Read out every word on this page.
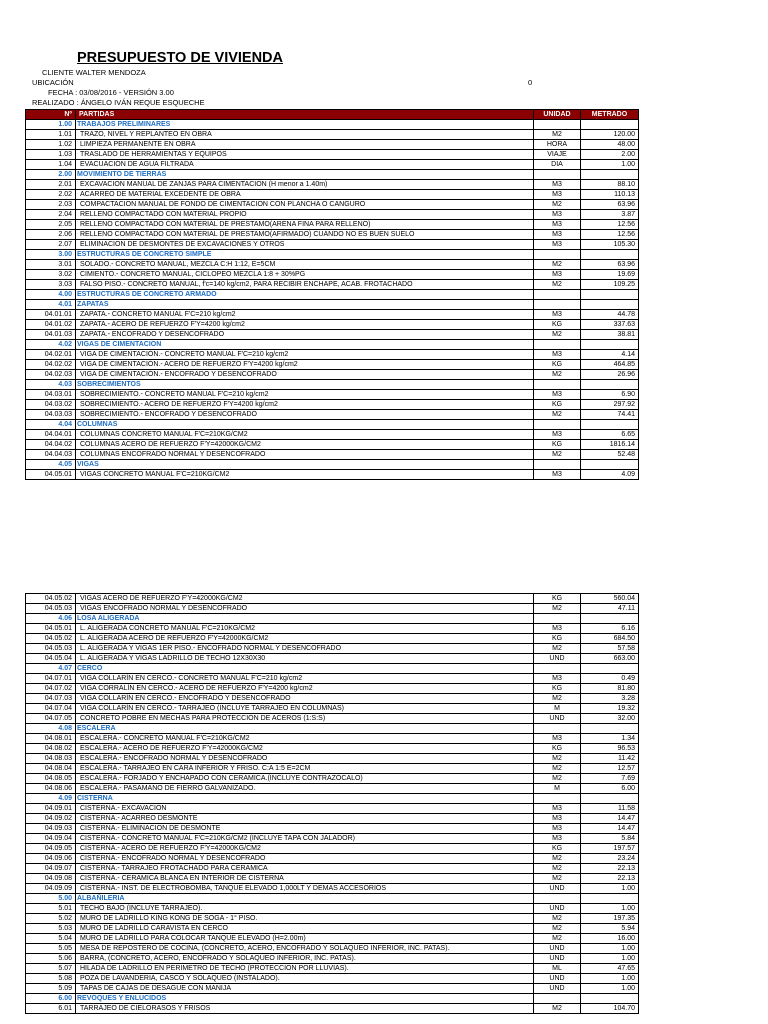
PRESUPUESTO DE VIVIENDA
CLIENTE WALTER MENDOZA
UBICACIÓN	0
FECHA : 03/08/2016 - VERSIÓN 3.00
REALIZADO : ÁNGELO IVÁN REQUE ESQUECHE
Nº	PARTIDAS	UNIDAD	METRADO
1.00	TRABAJOS PRELIMINARES		
1.01	TRAZO, NIVEL Y REPLANTEO EN OBRA	M2	120.00
1.02	LIMPIEZA PERMANENTE EN OBRA	HORA	48.00
1.03	TRASLADO DE HERRAMIENTAS Y EQUIPOS	VIAJE	2.00
1.04	EVACUACIÓN DE AGUA FILTRADA	DIA	1.00
2.00	MOVIMIENTO DE TIERRAS		
2.01	EXCAVACION MANUAL DE ZANJAS PARA CIMENTACION (H menor a 1.40m)	M3	88.10
2.02	ACARREO DE MATERIAL EXCEDENTE DE OBRA	M3	110.13
2.03	COMPACTACION MANUAL DE FONDO DE CIMENTACION CON PLANCHA O CANGURO	M2	63.96
2.04	RELLENO COMPACTADO CON MATERIAL PROPIO	M3	3.87
2.05	RELLENO COMPACTADO CON MATERIAL DE PRESTAMO(ARENA FINA PARA RELLENO)	M3	12.56
2.06	RELLENO COMPACTADO CON MATERIAL DE PRESTAMO(AFIRMADO) CUANDO NO ES BUEN SUELO	M3	12.56
2.07	ELIMINACION DE DESMONTES DE EXCAVACIONES Y OTROS	M3	105.30
3.00	ESTRUCTURAS DE CONCRETO SIMPLE		
3.01	SOLADO.- CONCRETO MANUAL, MEZCLA C:H 1:12, E=5CM	M2	63.96
3.02	CIMIENTO.- CONCRETO MANUAL, CICLOPEO MEZCLA 1:8 + 30%PG	M3	19.69
3.03	FALSO PISO.- CONCRETO MANUAL, f'c=140 kg/cm2, PARA RECIBIR ENCHAPE, ACAB. FROTACHADO	M2	109.25
4.00	ESTRUCTURAS DE CONCRETO ARMADO		
4.01	ZAPATAS		
04.01.01	ZAPATA.- CONCRETO MANUAL F'C=210 kg/cm2	M3	44.78
04.01.02	ZAPATA.- ACERO DE REFUERZO F'Y=4200 kg/cm2	KG	337.63
04.01.03	ZAPATA.- ENCOFRADO Y DESENCOFRADO	M2	38.81
4.02	VIGAS DE CIMENTACION		
04.02.01	VIGA DE CIMENTACIÓN.- CONCRETO MANUAL F'C=210 kg/cm2	M3	4.14
04.02.02	VIGA DE CIMENTACIÓN.- ACERO DE REFUERZO F'Y=4200 kg/cm2	KG	464.85
04.02.03	VIGA DE CIMENTACIÓN.- ENCOFRADO Y DESENCOFRADO	M2	26.96
4.03	SOBRECIMIENTOS		
04.03.01	SOBRECIMIENTO.- CONCRETO MANUAL F'C=210 kg/cm2	M3	6.90
04.03.02	SOBRECIMIENTO.- ACERO DE REFUERZO F'Y=4200 kg/cm2	KG	297.92
04.03.03	SOBRECIMIENTO.- ENCOFRADO Y DESENCOFRADO	M2	74.41
4.04	COLUMNAS		
04.04.01	COLUMNAS CONCRETO MANUAL F'C=210KG/CM2	M3	6.65
04.04.02	COLUMNAS ACERO DE REFUERZO F'Y=42000KG/CM2	KG	1816.14
04.04.03	COLUMNAS ENCOFRADO NORMAL Y DESENCOFRADO	M2	52.48
4.05	VIGAS		
04.05.01	VIGAS CONCRETO MANUAL F'C=210KG/CM2	M3	4.09
04.05.02	VIGAS ACERO DE REFUERZO F'Y=42000KG/CM2	KG	560.04
04.05.03	VIGAS ENCOFRADO NORMAL Y DESENCOFRADO	M2	47.11
4.06	LOSA ALIGERADA		
04.05.01	L. ALIGERADA CONCRETO MANUAL F'C=210KG/CM2	M3	6.16
04.05.02	L. ALIGERADA ACERO DE REFUERZO F'Y=42000KG/CM2	KG	684.50
04.05.03	L. ALIGERADA Y VIGAS 1ER PISO.- ENCOFRADO NORMAL Y DESENCOFRADO	M2	57.58
04.05.04	L. ALIGERADA Y VIGAS LADRILLO DE TECHO 12X30X30	UND	663.00
4.07	CERCO		
04.07.01	VIGA COLLARÍN EN CERCO.- CONCRETO MANUAL F'C=210 kg/cm2	M3	0.49
04.07.02	VIGA CORRALÍN EN CERCO.- ACERO DE REFUERZO F'Y=4200 kg/cm2	KG	81.80
04.07.03	VIGA COLLARÍN EN CERCO.- ENCOFRADO Y DESENCOFRADO	M2	3.28
04.07.04	VIGA COLLARÍN EN CERCO.- TARRAJEO (INCLUYE TARRAJEO EN COLUMNAS)	M	19.32
04.07.05	CONCRETO POBRE EN MECHAS PARA PROTECCIÓN DE ACEROS (1:S:S)	UND	32.00
4.08	ESCALERA		
04.08.01	ESCALERA.- CONCRETO MANUAL F'C=210KG/CM2	M3	1.34
04.08.02	ESCALERA.- ACERO DE REFUERZO F'Y=42000KG/CM2	KG	96.53
04.08.03	ESCALERA.- ENCOFRADO NORMAL Y DESENCOFRADO	M2	11.42
04.08.04	ESCALERA.- TARRAJEO EN CARA INFERIOR Y FRISO. C:A 1:5 E=2CM	M2	12.57
04.08.05	ESCALERA.- FORJADO Y ENCHAPADO CON CERAMICA.(INCLUYE CONTRAZÓCALO)	M2	7.69
04.08.06	ESCALERA.- PASAMANO DE FIERRO GALVANIZADO.	M	6.00
4.09	CISTERNA		
04.09.01	CISTERNA.- EXCAVACION	M3	11.58
04.09.02	CISTERNA.- ACARREO DESMONTE	M3	14.47
04.09.03	CISTERNA.- ELIMINACION DE DESMONTE	M3	14.47
04.09.04	CISTERNA.- CONCRETO MANUAL F'C=210KG/CM2 (INCLUYE TAPA CON JALADOR)	M3	5.84
04.09.05	CISTERNA.- ACERO DE REFUERZO F'Y=42000KG/CM2	KG	197.57
04.09.06	CISTERNA.- ENCOFRADO NORMAL Y DESENCOFRADO	M2	23.24
04.09.07	CISTERNA.- TARRAJEO FROTACHADO PARA CERAMICA	M2	22.13
04.09.08	CISTERNA.- CERAMICA BLANCA EN INTERIOR DE CISTERNA	M2	22.13
04.09.09	CISTERNA.- INST. DE ELECTROBOMBA, TANQUE ELEVADO 1,000LT Y DEMAS ACCESORIOS	UND	1.00
5.00	ALBAÑILERIA		
5.01	TECHO BAJO (INCLUYE TARRAJEO).	UND	1.00
5.02	MURO DE LADRILLO KING KONG DE SOGA - 1° PISO.	M2	197.35
5.03	MURO DE LADRILLO CARAVISTA EN CERCO	M2	5.94
5.04	MURO DE LADRILLO PARA COLOCAR TANQUE ELEVADO (H=2.00m)	M2	16.00
5.05	MESA DE REPOSTERO DE COCINA, (CONCRETO, ACERO, ENCOFRADO Y SOLAQUEO INFERIOR, INC. PATAS).	UND	1.00
5.06	BARRA, (CONCRETO, ACERO, ENCOFRADO Y SOLAQUEO INFERIOR, INC. PATAS).	UND	1.00
5.07	HILADA DE LADRILLO EN PERIMETRO DE TECHO (PROTECCION POR LLUVIAS).	ML	47.65
5.08	POZA DE LAVANDERIA, CASCO Y SOLAQUEO (INSTALADO).	UND	1.00
5.09	TAPAS DE CAJAS DE DESAGUE CON MANIJA	UND	1.00
6.00	REVOQUES Y ENLUCIDOS		
6.01	TARRAJEO DE CIELORASOS Y FRISOS	M2	104.70
